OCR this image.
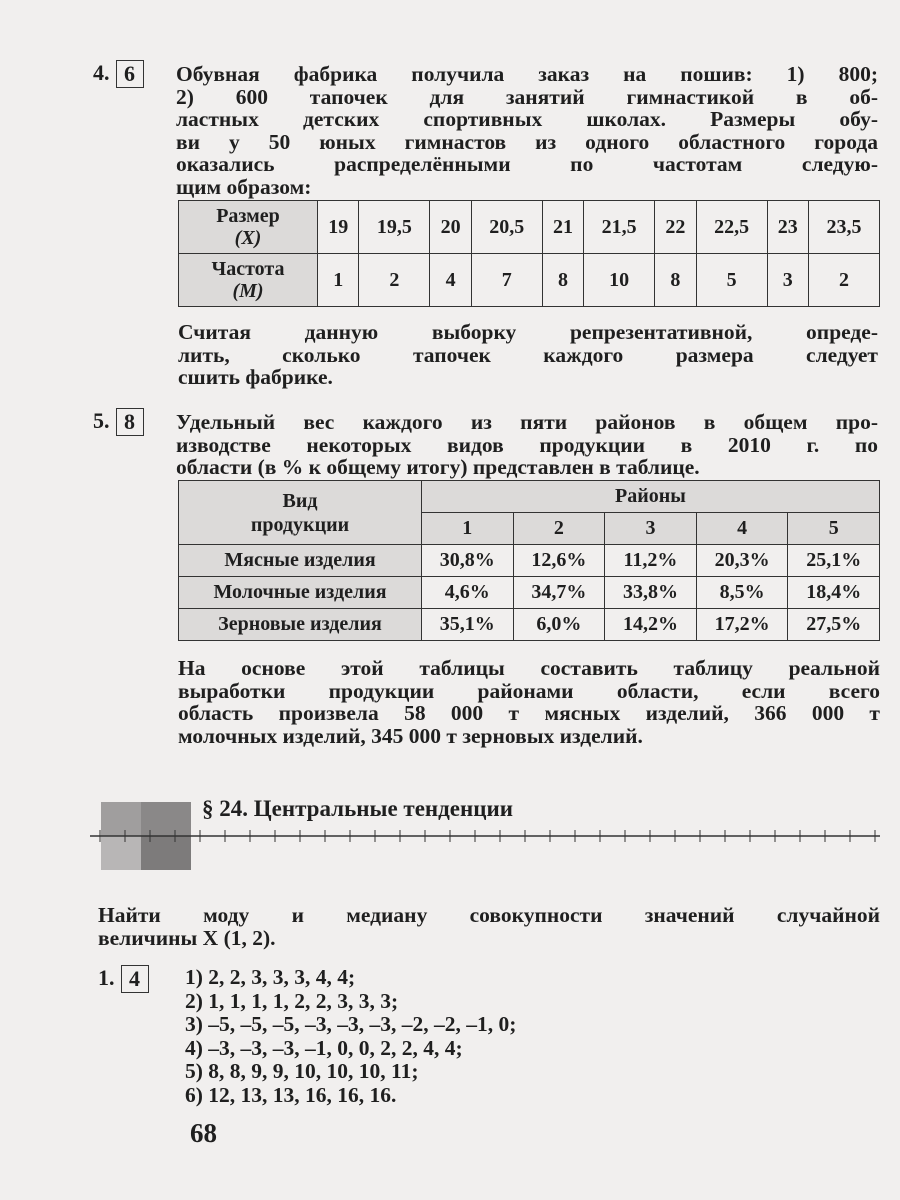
4. 6	Обувная фабрика получила заказ на пошив: 1) 800;
2) 600 тапочек для занятий гимнастикой в об-
ластных детских спортивных школах. Размеры обу-
ви у 50 юных гимнастов из одного областного города
оказались распределёнными по частотам следую-
щим образом:
Размер
(X)	19	19,5	20	20,5	21	21,5	22	22,5	23	23,5
Частота
(M)	1	2	4	7	8	10	8	5	3	2
Считая данную выборку репрезентативной, опреде-
лить, сколько тапочек каждого размера следует
сшить фабрике.
5. 8	Удельный вес каждого из пяти районов в общем про-
изводстве некоторых видов продукции в 2010 г. по
области (в % к общему итогу) представлен в таблице.
Вид
продукции	Районы				
	1	2	3	4	5
Мясные изделия	30,8%	12,6%	11,2%	20,3%	25,1%
Молочные изделия	4,6%	34,7%	33,8%	8,5%	18,4%
Зерновые изделия	35,1%	6,0%	14,2%	17,2%	27,5%
На основе этой таблицы составить таблицу реальной
выработки продукции районами области, если всего
область произвела 58 000 т мясных изделий, 366 000 т
молочных изделий, 345 000 т зерновых изделий.
§ 24. Центральные тенденции
Найти моду и медиану совокупности значений случайной
величины X (1, 2).
1. 4	1) 2, 2, 3, 3, 3, 4, 4;
2) 1, 1, 1, 1, 2, 2, 3, 3, 3;
3) –5, –5, –5, –3, –3, –3, –2, –2, –1, 0;
4) –3, –3, –3, –1, 0, 0, 2, 2, 4, 4;
5) 8, 8, 9, 9, 10, 10, 10, 11;
6) 12, 13, 13, 16, 16, 16.
68
